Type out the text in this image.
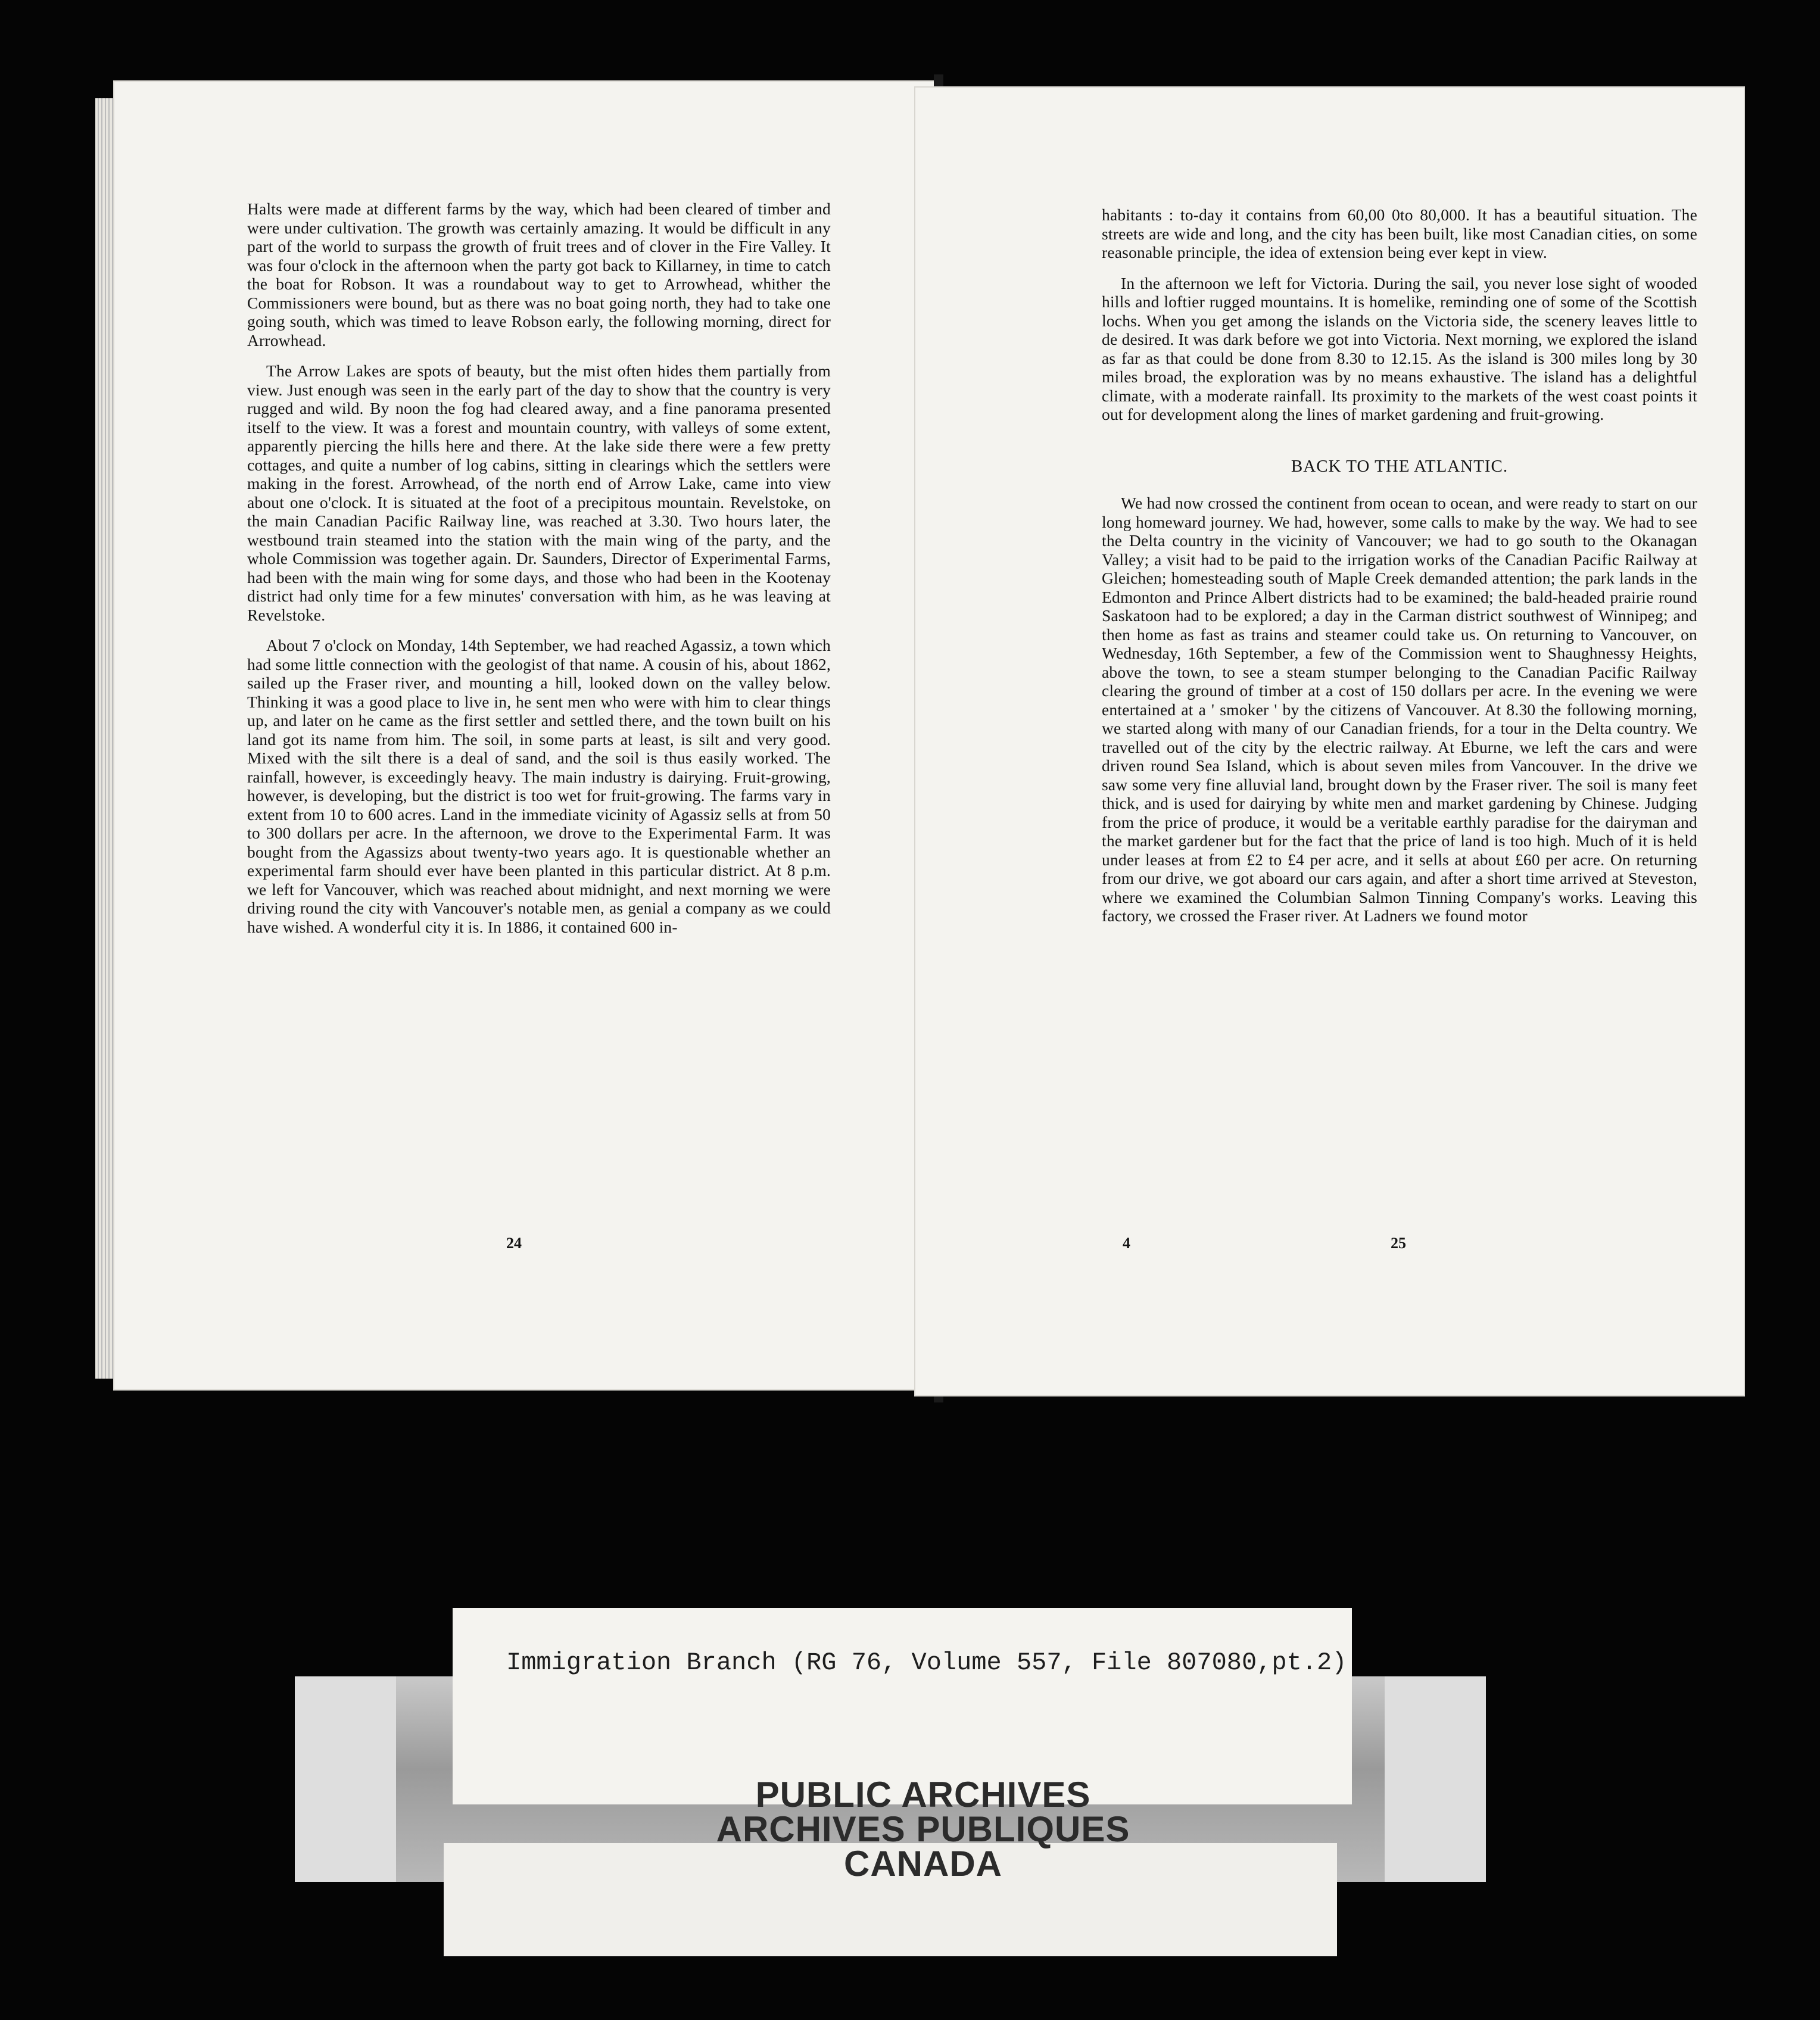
Halts were made at different farms by the way, which had been cleared of timber and were under cultivation. The growth was certainly amazing. It would be difficult in any part of the world to surpass the growth of fruit trees and of clover in the Fire Valley. It was four o'clock in the afternoon when the party got back to Killarney, in time to catch the boat for Robson. It was a roundabout way to get to Arrowhead, whither the Commissioners were bound, but as there was no boat going north, they had to take one going south, which was timed to leave Robson early, the following morning, direct for Arrowhead.

The Arrow Lakes are spots of beauty, but the mist often hides them partially from view. Just enough was seen in the early part of the day to show that the country is very rugged and wild. By noon the fog had cleared away, and a fine panorama presented itself to the view. It was a forest and mountain country, with valleys of some extent, apparently piercing the hills here and there. At the lake side there were a few pretty cottages, and quite a number of log cabins, sitting in clearings which the settlers were making in the forest. Arrowhead, of the north end of Arrow Lake, came into view about one o'clock. It is situated at the foot of a precipitous mountain. Revelstoke, on the main Canadian Pacific Railway line, was reached at 3.30. Two hours later, the westbound train steamed into the station with the main wing of the party, and the whole Commission was together again. Dr. Saunders, Director of Experimental Farms, had been with the main wing for some days, and those who had been in the Kootenay district had only time for a few minutes' conversation with him, as he was leaving at Revelstoke.

About 7 o'clock on Monday, 14th September, we had reached Agassiz, a town which had some little connection with the geologist of that name. A cousin of his, about 1862, sailed up the Fraser river, and mounting a hill, looked down on the valley below. Thinking it was a good place to live in, he sent men who were with him to clear things up, and later on he came as the first settler and settled there, and the town built on his land got its name from him. The soil, in some parts at least, is silt and very good. Mixed with the silt there is a deal of sand, and the soil is thus easily worked. The rainfall, however, is exceedingly heavy. The main industry is dairying. Fruit-growing, however, is developing, but the district is too wet for fruit-growing. The farms vary in extent from 10 to 600 acres. Land in the immediate vicinity of Agassiz sells at from 50 to 300 dollars per acre. In the afternoon, we drove to the Experimental Farm. It was bought from the Agassizs about twenty-two years ago. It is questionable whether an experimental farm should ever have been planted in this particular district. At 8 p.m. we left for Vancouver, which was reached about midnight, and next morning we were driving round the city with Vancouver's notable men, as genial a company as we could have wished. A wonderful city it is. In 1886, it contained 600 in-

24

habitants : to-day it contains from 60,00 0to 80,000. It has a beautiful situation. The streets are wide and long, and the city has been built, like most Canadian cities, on some reasonable principle, the idea of extension being ever kept in view.

In the afternoon we left for Victoria. During the sail, you never lose sight of wooded hills and loftier rugged mountains. It is homelike, reminding one of some of the Scottish lochs. When you get among the islands on the Victoria side, the scenery leaves little to de desired. It was dark before we got into Victoria. Next morning, we explored the island as far as that could be done from 8.30 to 12.15. As the island is 300 miles long by 30 miles broad, the exploration was by no means exhaustive. The island has a delightful climate, with a moderate rainfall. Its proximity to the markets of the west coast points it out for development along the lines of market gardening and fruit-growing.

BACK TO THE ATLANTIC.

We had now crossed the continent from ocean to ocean, and were ready to start on our long homeward journey. We had, however, some calls to make by the way. We had to see the Delta country in the vicinity of Vancouver; we had to go south to the Okanagan Valley; a visit had to be paid to the irrigation works of the Canadian Pacific Railway at Gleichen; homesteading south of Maple Creek demanded attention; the park lands in the Edmonton and Prince Albert districts had to be examined; the bald-headed prairie round Saskatoon had to be explored; a day in the Carman district southwest of Winnipeg; and then home as fast as trains and steamer could take us. On returning to Vancouver, on Wednesday, 16th September, a few of the Commission went to Shaughnessy Heights, above the town, to see a steam stumper belonging to the Canadian Pacific Railway clearing the ground of timber at a cost of 150 dollars per acre. In the evening we were entertained at a ' smoker ' by the citizens of Vancouver. At 8.30 the following morning, we started along with many of our Canadian friends, for a tour in the Delta country. We travelled out of the city by the electric railway. At Eburne, we left the cars and were driven round Sea Island, which is about seven miles from Vancouver. In the drive we saw some very fine alluvial land, brought down by the Fraser river. The soil is many feet thick, and is used for dairying by white men and market gardening by Chinese. Judging from the price of produce, it would be a veritable earthly paradise for the dairyman and the market gardener but for the fact that the price of land is too high. Much of it is held under leases at from £2 to £4 per acre, and it sells at about £60 per acre. On returning from our drive, we got aboard our cars again, and after a short time arrived at Steveston, where we examined the Columbian Salmon Tinning Company's works. Leaving this factory, we crossed the Fraser river. At Ladners we found motor

4	25
Immigration Branch (RG 76, Volume 557, File 807080,pt.2)
PUBLIC ARCHIVES
ARCHIVES PUBLIQUES
CANADA
